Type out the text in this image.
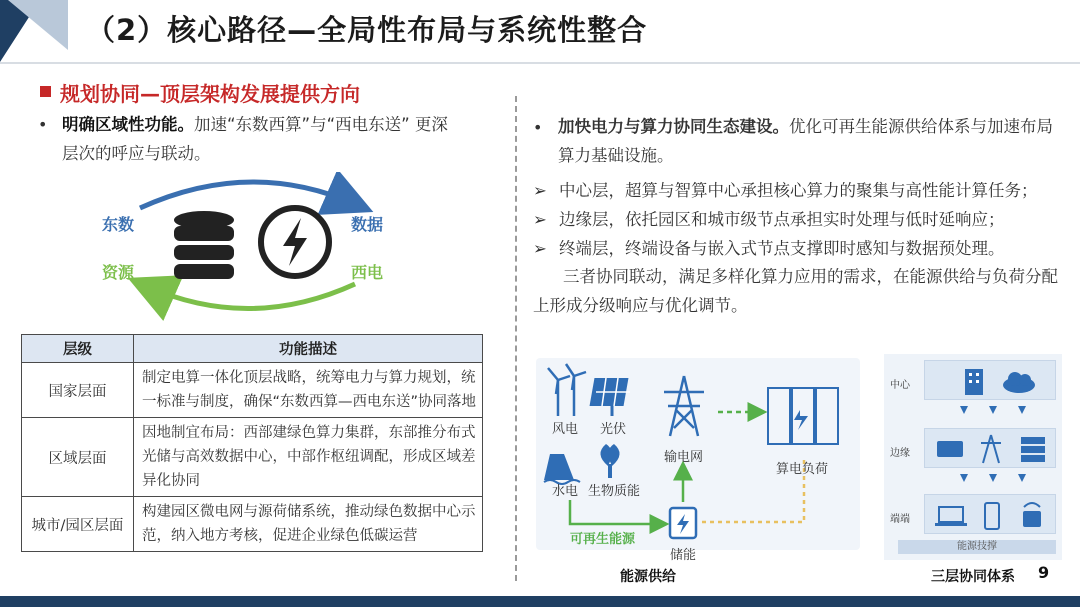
（2）核心路径—全局性布局与系统性整合
规划协同—顶层架构发展提供方向
• 明确区域性功能。加速“东数西算”与“西电东送” 更深层次的呼应与联动。
东数
资源
数据
西电
层级	功能描述
国家层面	制定电算一体化顶层战略，统筹电力与算力规划，统一标准与制度，确保“东数西算—西电东送”协同落地
区域层面	因地制宜布局：西部建绿色算力集群，东部推分布式光储与高效数据中心，中部作枢纽调配，形成区域差异化协同
城市/园区层面	构建园区微电网与源荷储系统，推动绿色数据中心示范，纳入地方考核，促进企业绿色低碳运营
• 加快电力与算力协同生态建设。优化可再生能源供给体系与加速布局算力基础设施。
➢ 中心层，超算与智算中心承担核心算力的聚集与高性能计算任务；
➢ 边缘层，依托园区和城市级节点承担实时处理与低时延响应；
➢ 终端层，终端设备与嵌入式节点支撑即时感知与数据预处理。
三者协同联动，满足多样化算力应用的需求，在能源供给与负荷分配上形成分级响应与优化调节。
风电 光伏
输电网
算电负荷
水电 生物质能
可再生能源
储能
能源供给
中心
边缘
端端
能源技撑
三层协同体系 9
